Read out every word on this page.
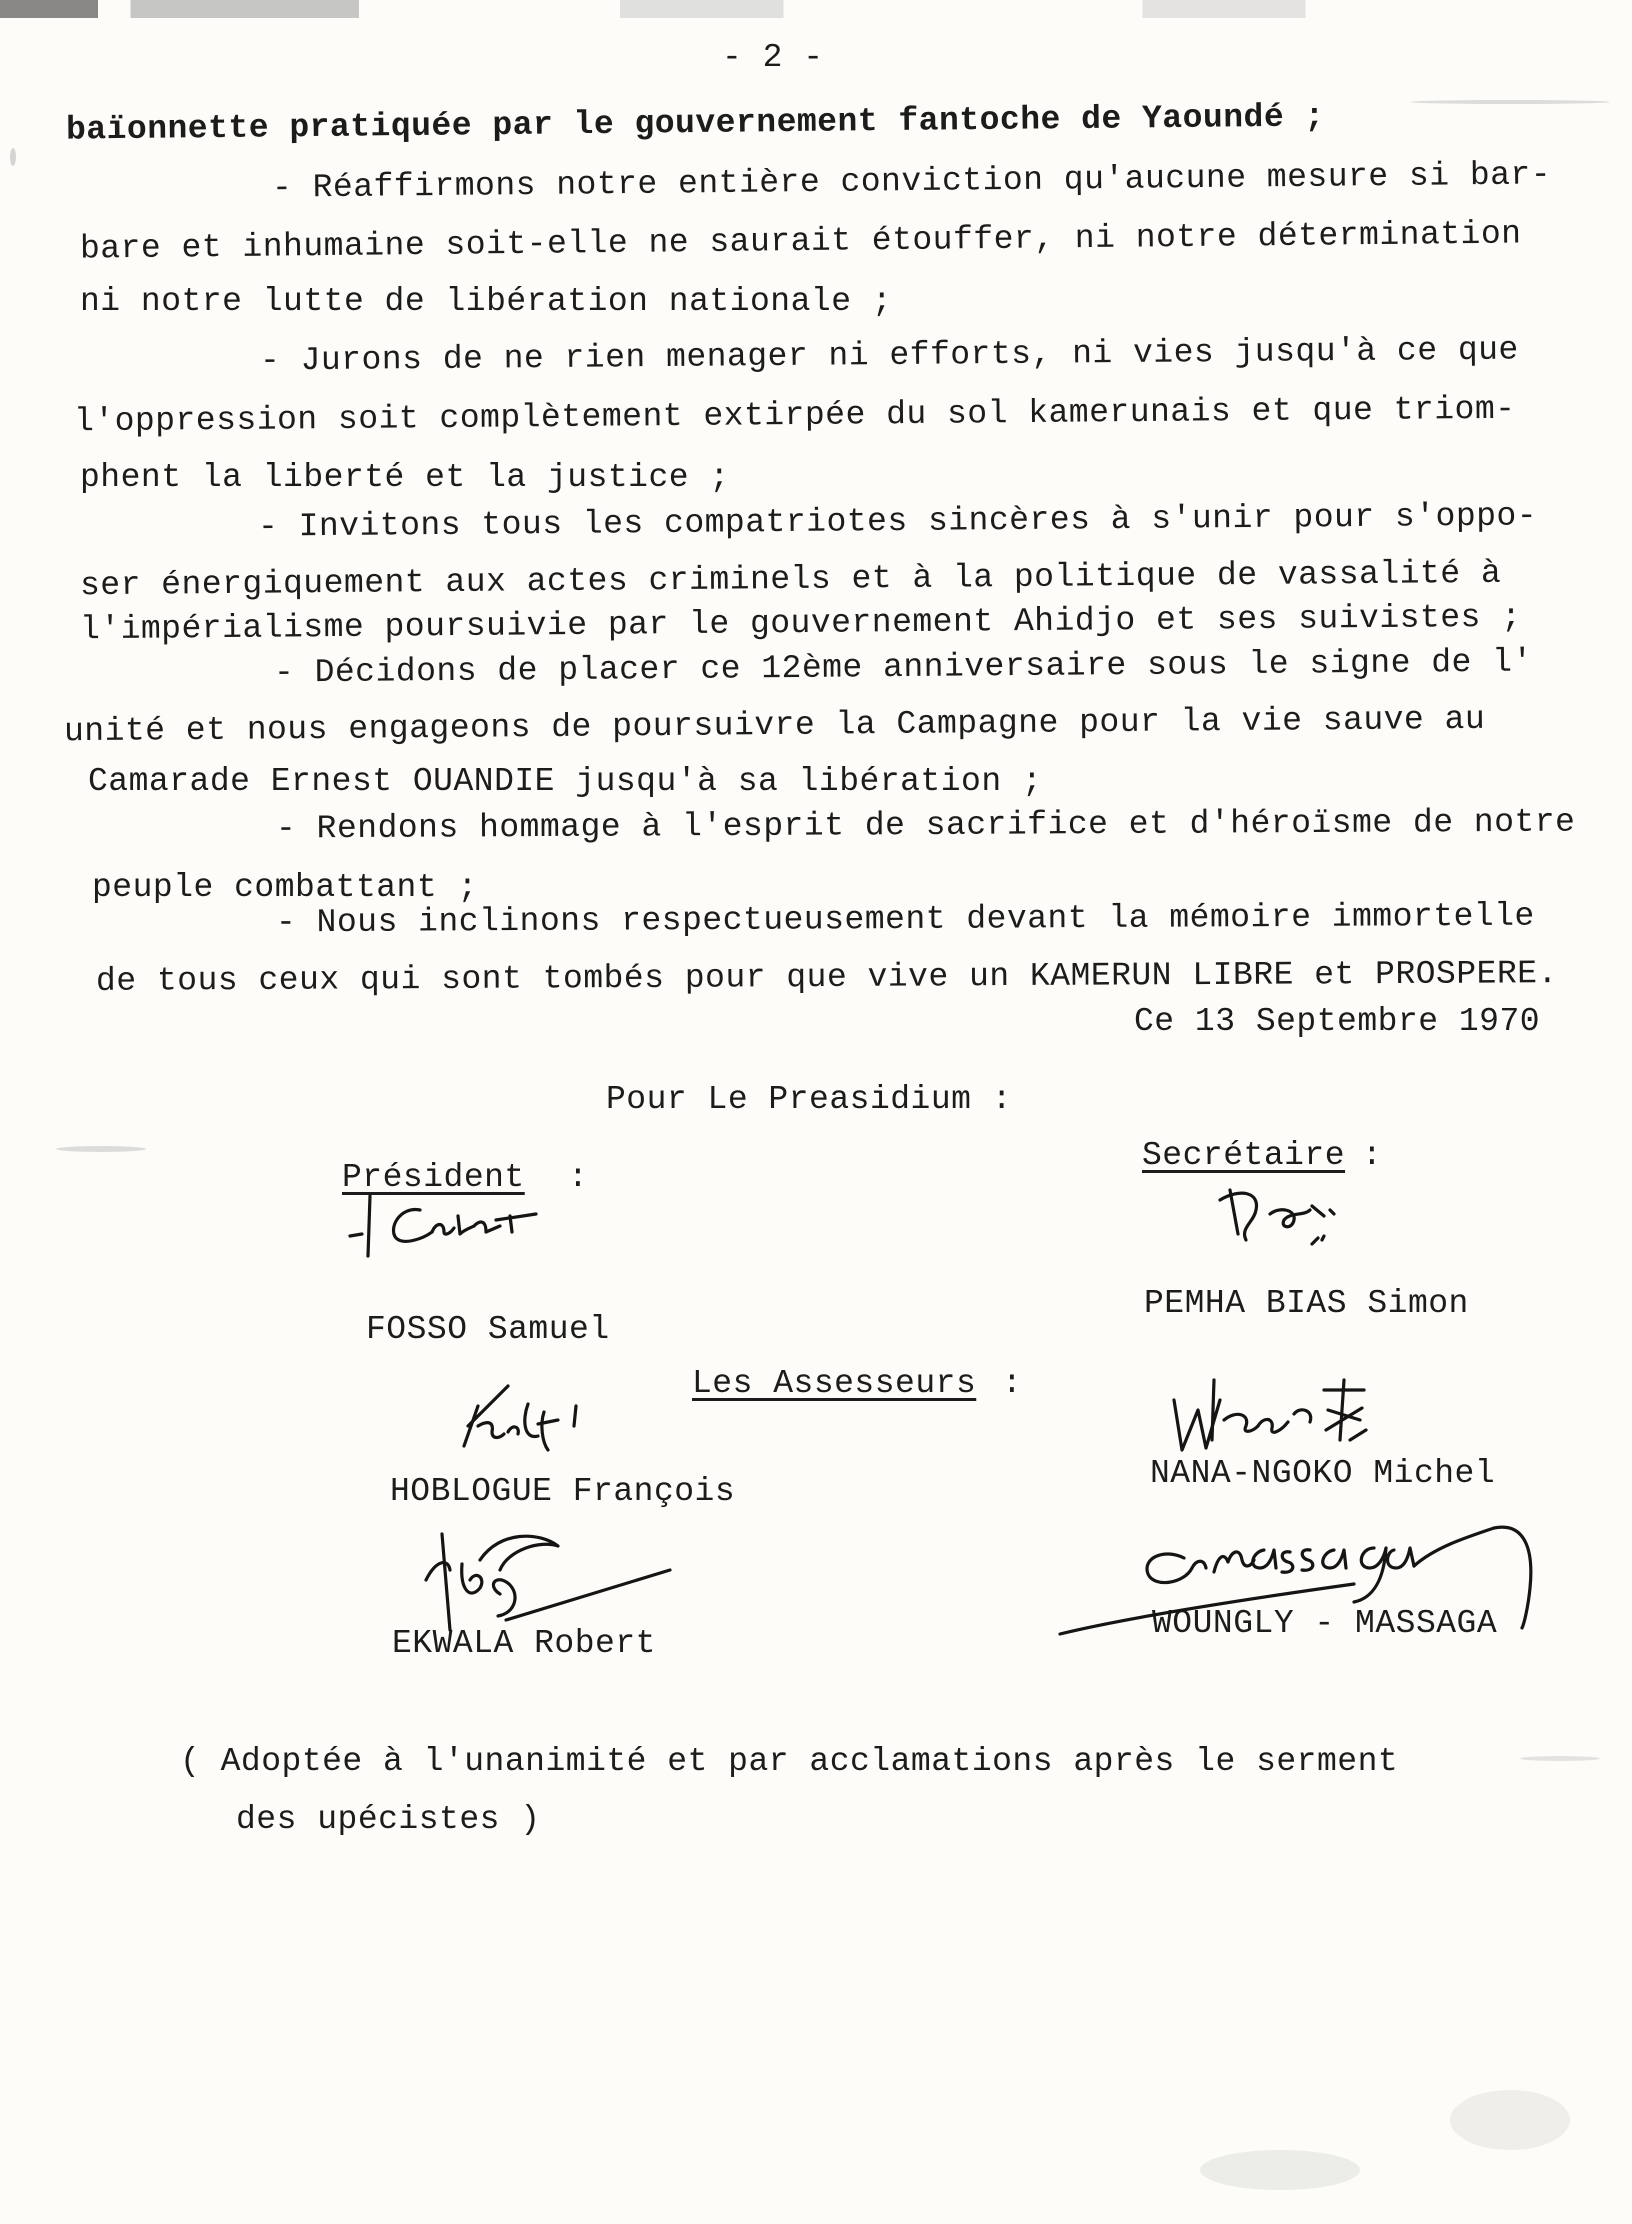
- 2 -
baïonnette pratiquée par le gouvernement fantoche de Yaoundé ;
- Réaffirmons notre entière conviction qu'aucune mesure si bar-
bare et inhumaine soit-elle ne saurait étouffer, ni notre détermination
ni notre lutte de libération nationale ;
- Jurons de ne rien menager ni efforts, ni vies jusqu'à ce que
l'oppression soit complètement extirpée du sol kamerunais et que triom-
phent la liberté et la justice ;
- Invitons tous les compatriotes sincères à s'unir pour s'oppo-
ser énergiquement aux actes criminels et à la politique de vassalité à
l'impérialisme poursuivie par le gouvernement Ahidjo et ses suivistes ;
- Décidons de placer ce 12ème anniversaire sous le signe de l'
unité et nous engageons de poursuivre la Campagne pour la vie sauve au
Camarade Ernest OUANDIE jusqu'à sa libération ;
- Rendons hommage à l'esprit de sacrifice et d'héroïsme de notre
peuple combattant ;
- Nous inclinons respectueusement devant la mémoire immortelle
de tous ceux qui sont tombés pour que vive un KAMERUN LIBRE et PROSPERE.
Ce 13 Septembre 1970
Pour Le Preasidium :
Président :
Secrétaire :
FOSSO Samuel
PEMHA BIAS Simon
Les Assesseurs :
HOBLOGUE François	NANA-NGOKO Michel
EKWALA Robert
WOUNGLY - MASSAGA
( Adoptée à l'unanimité et par acclamations après le serment
des upécistes )
